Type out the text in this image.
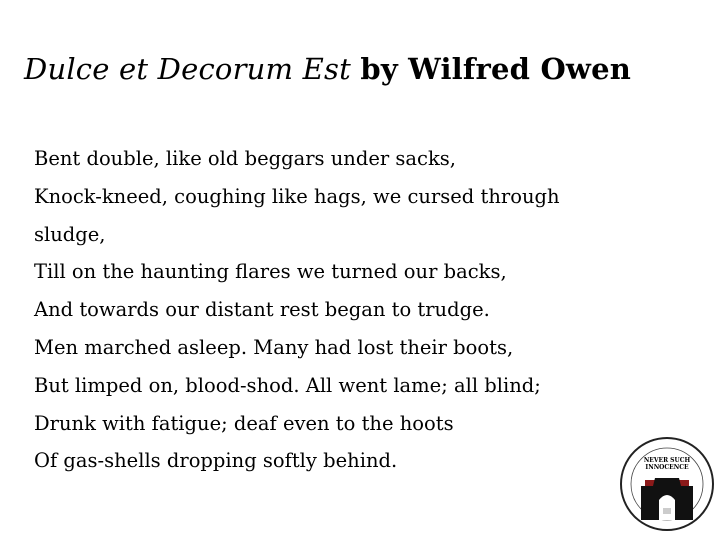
Dulce et Decorum Est by Wilfred Owen
Bent double, like old beggars under sacks,
Knock-kneed, coughing like hags, we cursed through
sludge,
Till on the haunting flares we turned our backs,
And towards our distant rest began to trudge.
Men marched asleep. Many had lost their boots,
But limped on, blood-shod. All went lame; all blind;
Drunk with fatigue; deaf even to the hoots
Of gas-shells dropping softly behind.	NEVER SUCH
INNOCENCE
